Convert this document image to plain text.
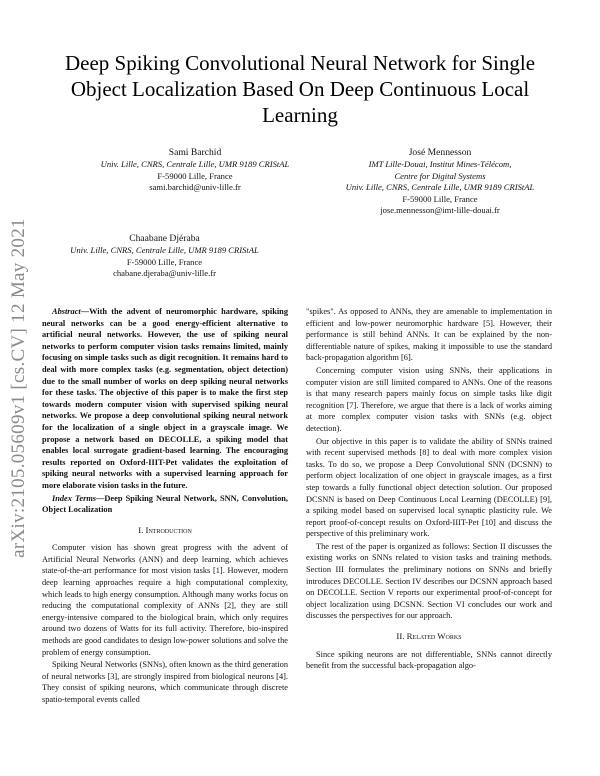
arXiv:2105.05609v1 [cs.CV] 12 May 2021
Deep Spiking Convolutional Neural Network for Single Object Localization Based On Deep Continuous Local Learning
Sami Barchid
Univ. Lille, CNRS, Centrale Lille, UMR 9189 CRIStAL
F-59000 Lille, France
sami.barchid@univ-lille.fr
José Mennesson
IMT Lille-Douai, Institut Mines-Télécom,
Centre for Digital Systems
Univ. Lille, CNRS, Centrale Lille, UMR 9189 CRIStAL
F-59000 Lille, France
jose.mennesson@imt-lille-douai.fr
Chaabane Djéraba
Univ. Lille, CNRS, Centrale Lille, UMR 9189 CRIStAL
F-59000 Lille, France
chabane.djeraba@univ-lille.fr

Abstract—With the advent of neuromorphic hardware, spiking neural networks can be a good energy-efficient alternative to artificial neural networks. However, the use of spiking neural networks to perform computer vision tasks remains limited, mainly focusing on simple tasks such as digit recognition. It remains hard to deal with more complex tasks (e.g. segmentation, object detection) due to the small number of works on deep spiking neural networks for these tasks. The objective of this paper is to make the first step towards modern computer vision with supervised spiking neural networks. We propose a deep convolutional spiking neural network for the localization of a single object in a grayscale image. We propose a network based on DECOLLE, a spiking model that enables local surrogate gradient-based learning. The encouraging results reported on Oxford-IIIT-Pet validates the exploitation of spiking neural networks with a supervised learning approach for more elaborate vision tasks in the future.

Index Terms—Deep Spiking Neural Network, SNN, Convolution, Object Localization

I. Introduction

Computer vision has shown great progress with the advent of Artificial Neural Networks (ANN) and deep learning, which achieves state-of-the-art performance for most vision tasks [1]. However, modern deep learning approaches require a high computational complexity, which leads to high energy consumption. Although many works focus on reducing the computational complexity of ANNs [2], they are still energy-intensive compared to the biological brain, which only requires around two dozens of Watts for its full activity. Therefore, bio-inspired methods are good candidates to design low-power solutions and solve the problem of energy consumption.

Spiking Neural Networks (SNNs), often known as the third generation of neural networks [3], are strongly inspired from biological neurons [4]. They consist of spiking neurons, which communicate through discrete spatio-temporal events called

"spikes". As opposed to ANNs, they are amenable to implementation in efficient and low-power neuromorphic hardware [5]. However, their performance is still behind ANNs. It can be explained by the non-differentiable nature of spikes, making it impossible to use the standard back-propagation algorithm [6].

Concerning computer vision using SNNs, their applications in computer vision are still limited compared to ANNs. One of the reasons is that many research papers mainly focus on simple tasks like digit recognition [7]. Therefore, we argue that there is a lack of works aiming at more complex computer vision tasks with SNNs (e.g. object detection).

Our objective in this paper is to validate the ability of SNNs trained with recent supervised methods [8] to deal with more complex vision tasks. To do so, we propose a Deep Convolutional SNN (DCSNN) to perform object localization of one object in grayscale images, as a first step towards a fully functional object detection solution. Our proposed DCSNN is based on Deep Continuous Local Learning (DECOLLE) [9], a spiking model based on supervised local synaptic plasticity rule. We report proof-of-concept results on Oxford-IIIT-Pet [10] and discuss the perspective of this preliminary work.

The rest of the paper is organized as follows: Section II discusses the existing works on SNNs related to vision tasks and training methods. Section III formulates the preliminary notions on SNNs and briefly introduces DECOLLE. Section IV describes our DCSNN approach based on DECOLLE. Section V reports our experimental proof-of-concept for object localization using DCSNN. Section VI concludes our work and discusses the perspectives for our approach.

II. Related Works

Since spiking neurons are not differentiable, SNNs cannot directly benefit from the successful back-propagation algo-
